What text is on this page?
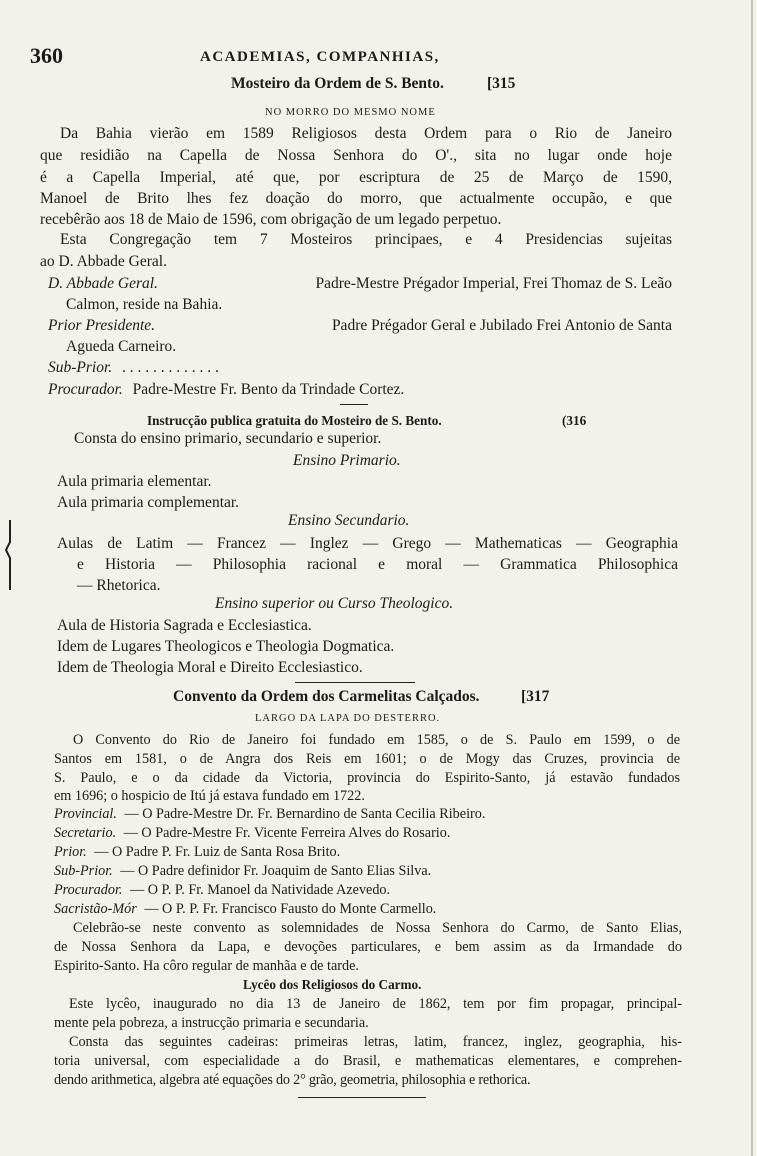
360	ACADEMIAS, COMPANHIAS,
Mosteiro da Ordem de S. Bento.	[315
NO MORRO DO MESMO NOME
Da Bahia vierão em 1589 Religiosos desta Ordem para o Rio de Janeiro
que residião na Capella de Nossa Senhora do O'., sita no lugar onde hoje
é a Capella Imperial, até que, por escriptura de 25 de Março de 1590,
Manoel de Brito lhes fez doação do morro, que actualmente occupão, e que
recebêrão aos 18 de Maio de 1596, com obrigação de um legado perpetuo.
Esta Congregação tem 7 Mosteiros principaes, e 4 Presidencias sujeitas
ao D. Abbade Geral.
D. Abbade Geral.	Padre-Mestre Prégador Imperial, Frei Thomaz de S. Leão
Calmon, reside na Bahia.
Prior Presidente.	Padre Prégador Geral e Jubilado Frei Antonio de Santa
Agueda Carneiro.
Sub-Prior. . . . . . . . . . . . . .
Procurador. Padre-Mestre Fr. Bento da Trindade Cortez.
Instrucção publica gratuita do Mosteiro de S. Bento.	(316
Consta do ensino primario, secundario e superior.
Ensino Primario.
Aula primaria elementar.
Aula primaria complementar.
Ensino Secundario.
Aulas de Latim — Francez — Inglez — Grego — Mathematicas — Geographia
e Historia — Philosophia racional e moral — Grammatica Philosophica
— Rhetorica.
Ensino superior ou Curso Theologico.
Aula de Historia Sagrada e Ecclesiastica.
Idem de Lugares Theologicos e Theologia Dogmatica.
Idem de Theologia Moral e Direito Ecclesiastico.
Convento da Ordem dos Carmelitas Calçados.	[317
LARGO DA LAPA DO DESTERRO.
O Convento do Rio de Janeiro foi fundado em 1585, o de S. Paulo em 1599, o de
Santos em 1581, o de Angra dos Reis em 1601; o de Mogy das Cruzes, provincia de
S. Paulo, e o da cidade da Victoria, provincia do Espirito-Santo, já estavão fundados
em 1696; o hospicio de Itú já estava fundado em 1722.
Provincial. — O Padre-Mestre Dr. Fr. Bernardino de Santa Cecilia Ribeiro.
Secretario. — O Padre-Mestre Fr. Vicente Ferreira Alves do Rosario.
Prior. — O Padre P. Fr. Luiz de Santa Rosa Brito.
Sub-Prior. — O Padre definidor Fr. Joaquim de Santo Elias Silva.
Procurador. — O P. P. Fr. Manoel da Natividade Azevedo.
Sacristão-Mór — O P. P. Fr. Francisco Fausto do Monte Carmello.
Celebrão-se neste convento as solemnidades de Nossa Senhora do Carmo, de Santo Elias,
de Nossa Senhora da Lapa, e devoções particulares, e bem assim as da Irmandade do
Espirito-Santo. Ha côro regular de manhãa e de tarde.
Lycêo dos Religiosos do Carmo.
Este lycêo, inaugurado no dia 13 de Janeiro de 1862, tem por fim propagar, principal-
mente pela pobreza, a instrucção primaria e secundaria.
Consta das seguintes cadeiras: primeiras letras, latim, francez, inglez, geographia, his-
toria universal, com especialidade a do Brasil, e mathematicas elementares, e comprehen-
dendo arithmetica, algebra até equações do 2° grão, geometria, philosophia e rethorica.
